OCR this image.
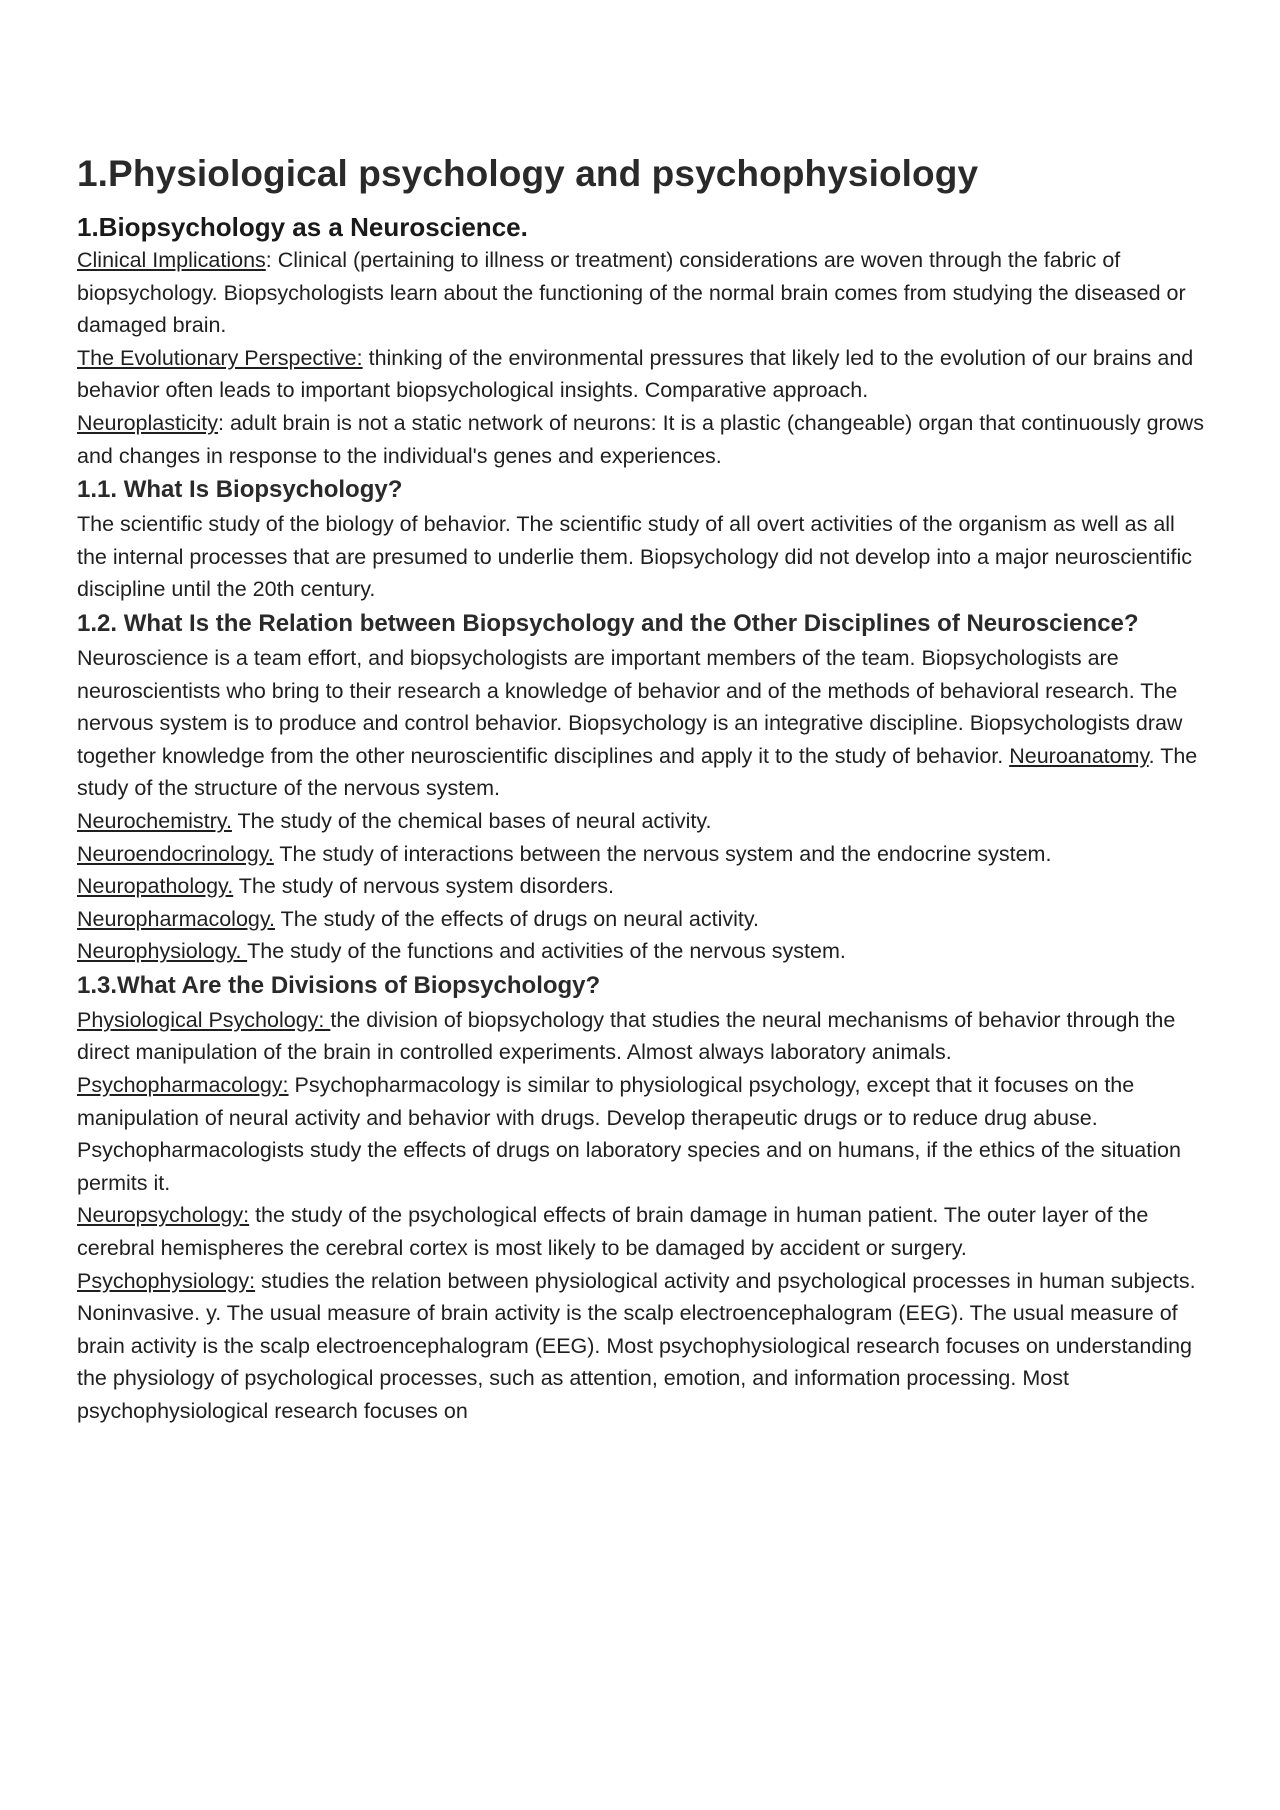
1.Physiological psychology and psychophysiology
1.Biopsychology as a Neuroscience.

Clinical Implications: Clinical (pertaining to illness or treatment) considerations are woven through the fabric of biopsychology. Biopsychologists learn about the functioning of the normal brain comes from studying the diseased or damaged brain.

The Evolutionary Perspective: thinking of the environmental pressures that likely led to the evolution of our brains and behavior often leads to important biopsychological insights. Comparative approach.

Neuroplasticity: adult brain is not a static network of neurons: It is a plastic (changeable) organ that continuously grows and changes in response to the individual's genes and experiences.

1.1. What Is Biopsychology?

The scientific study of the biology of behavior. The scientific study of all overt activities of the organism as well as all the internal processes that are presumed to underlie them. Biopsychology did not develop into a major neuroscientific discipline until the 20th century.

1.2. What Is the Relation between Biopsychology and the Other Disciplines of Neuroscience?

Neuroscience is a team effort, and biopsychologists are important members of the team. Biopsychologists are neuroscientists who bring to their research a knowledge of behavior and of the methods of behavioral research. The nervous system is to produce and control behavior. Biopsychology is an integrative discipline. Biopsychologists draw together knowledge from the other neuroscientific disciplines and apply it to the study of behavior. Neuroanatomy. The study of the structure of the nervous system.

Neurochemistry. The study of the chemical bases of neural activity.

Neuroendocrinology. The study of interactions between the nervous system and the endocrine system.

Neuropathology. The study of nervous system disorders.

Neuropharmacology. The study of the effects of drugs on neural activity.

Neurophysiology. The study of the functions and activities of the nervous system.

1.3.What Are the Divisions of Biopsychology?

Physiological Psychology: the division of biopsychology that studies the neural mechanisms of behavior through the direct manipulation of the brain in controlled experiments. Almost always laboratory animals.

Psychopharmacology: Psychopharmacology is similar to physiological psychology, except that it focuses on the manipulation of neural activity and behavior with drugs. Develop therapeutic drugs or to reduce drug abuse. Psychopharmacologists study the effects of drugs on laboratory species and on humans, if the ethics of the situation permits it.

Neuropsychology: the study of the psychological effects of brain damage in human patient. The outer layer of the cerebral hemispheres the cerebral cortex is most likely to be damaged by accident or surgery.

Psychophysiology: studies the relation between physiological activity and psychological processes in human subjects. Noninvasive. y. The usual measure of brain activity is the scalp electroencephalogram (EEG). The usual measure of brain activity is the scalp electroencephalogram (EEG). Most psychophysiological research focuses on understanding the physiology of psychological processes, such as attention, emotion, and information processing. Most psychophysiological research focuses on
